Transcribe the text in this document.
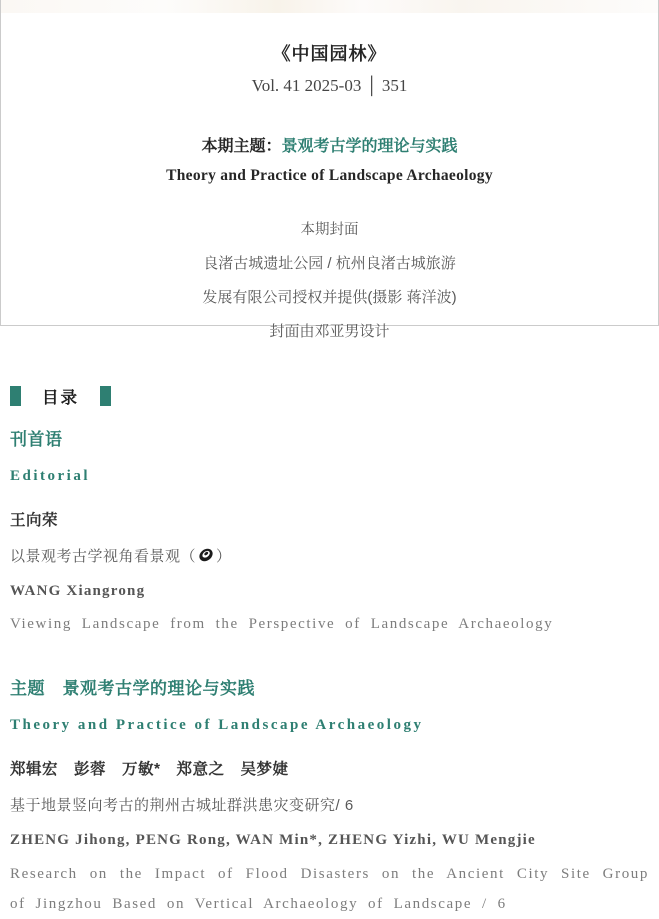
《中国园林》
Vol. 41 2025-03 │ 351
本期主题：景观考古学的理论与实践
Theory and Practice of Landscape Archaeology
本期封面
良渚古城遗址公园 / 杭州良渚古城旅游
发展有限公司授权并提供(摄影 蒋洋波)
封面由邓亚男设计
目录
刊首语
Editorial
王向荣
以景观考古学视角看景观（ ）
WANG Xiangrong
Viewing Landscape from the Perspective of Landscape Archaeology
主题　景观考古学的理论与实践
Theory and Practice of Landscape Archaeology
郑辑宏　彭蓉　万敏*　郑意之　吴梦婕
基于地景竖向考古的荆州古城址群洪患灾变研究/ 6
ZHENG Jihong, PENG Rong, WAN Min*, ZHENG Yizhi, WU Mengjie
Research on the Impact of Flood Disasters on the Ancient City Site Group of Jingzhou Based on Vertical Archaeology of Landscape / 6
